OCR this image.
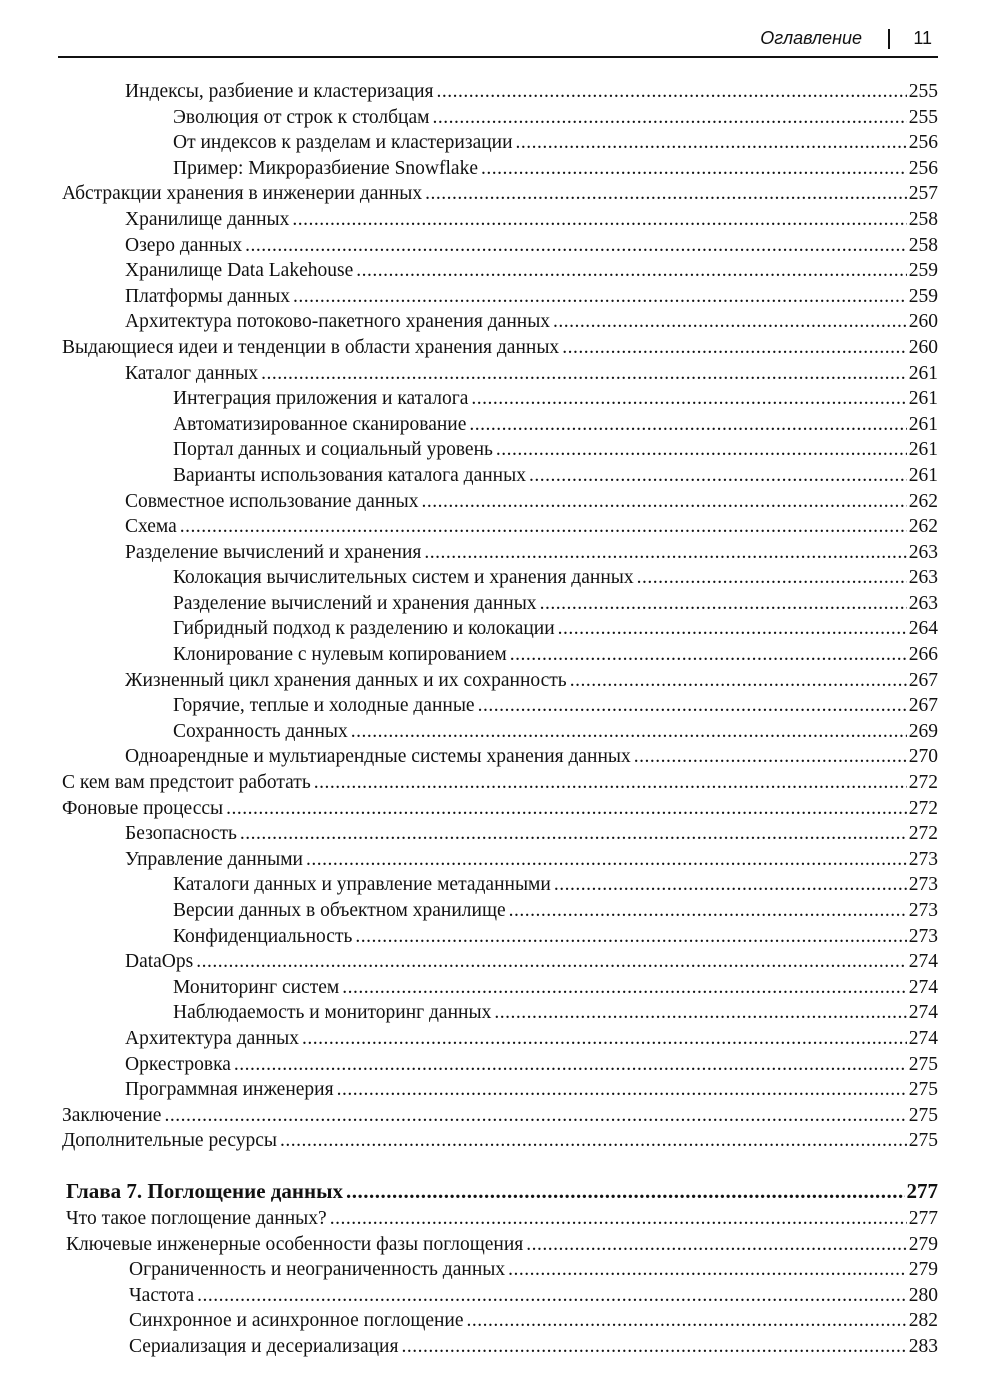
Оглавление	11
Индексы, разбиение и кластеризация .....	255
Эволюция от строк к столбцам .....	255
От индексов к разделам и кластеризации .....	256
Пример: Микроразбиение Snowflake .....	256
Абстракции хранения в инженерии данных .....	257
Хранилище данных .....	258
Озеро данных .....	258
Хранилище Data Lakehouse .....	259
Платформы данных .....	259
Архитектура потоково-пакетного хранения данных .....	260
Выдающиеся идеи и тенденции в области хранения данных .....	260
Каталог данных .....	261
Интеграция приложения и каталога .....	261
Автоматизированное сканирование .....	261
Портал данных и социальный уровень .....	261
Варианты использования каталога данных .....	261
Совместное использование данных .....	262
Схема .....	262
Разделение вычислений и хранения .....	263
Колокация вычислительных систем и хранения данных .....	263
Разделение вычислений и хранения данных .....	263
Гибридный подход к разделению и колокации .....	264
Клонирование с нулевым копированием .....	266
Жизненный цикл хранения данных и их сохранность .....	267
Горячие, теплые и холодные данные .....	267
Сохранность данных .....	269
Одноарендные и мультиарендные системы хранения данных .....	270
С кем вам предстоит работать .....	272
Фоновые процессы .....	272
Безопасность .....	272
Управление данными .....	273
Каталоги данных и управление метаданными .....	273
Версии данных в объектном хранилище .....	273
Конфиденциальность .....	273
DataOps .....	274
Мониторинг систем .....	274
Наблюдаемость и мониторинг данных .....	274
Архитектура данных .....	274
Оркестровка .....	275
Программная инженерия .....	275
Заключение .....	275
Дополнительные ресурсы .....	275
Глава 7. Поглощение данных .....	277
Что такое поглощение данных? .....	277
Ключевые инженерные особенности фазы поглощения .....	279
Ограниченность и неограниченность данных .....	279
Частота .....	280
Синхронное и асинхронное поглощение .....	282
Сериализация и десериализация .....	283
